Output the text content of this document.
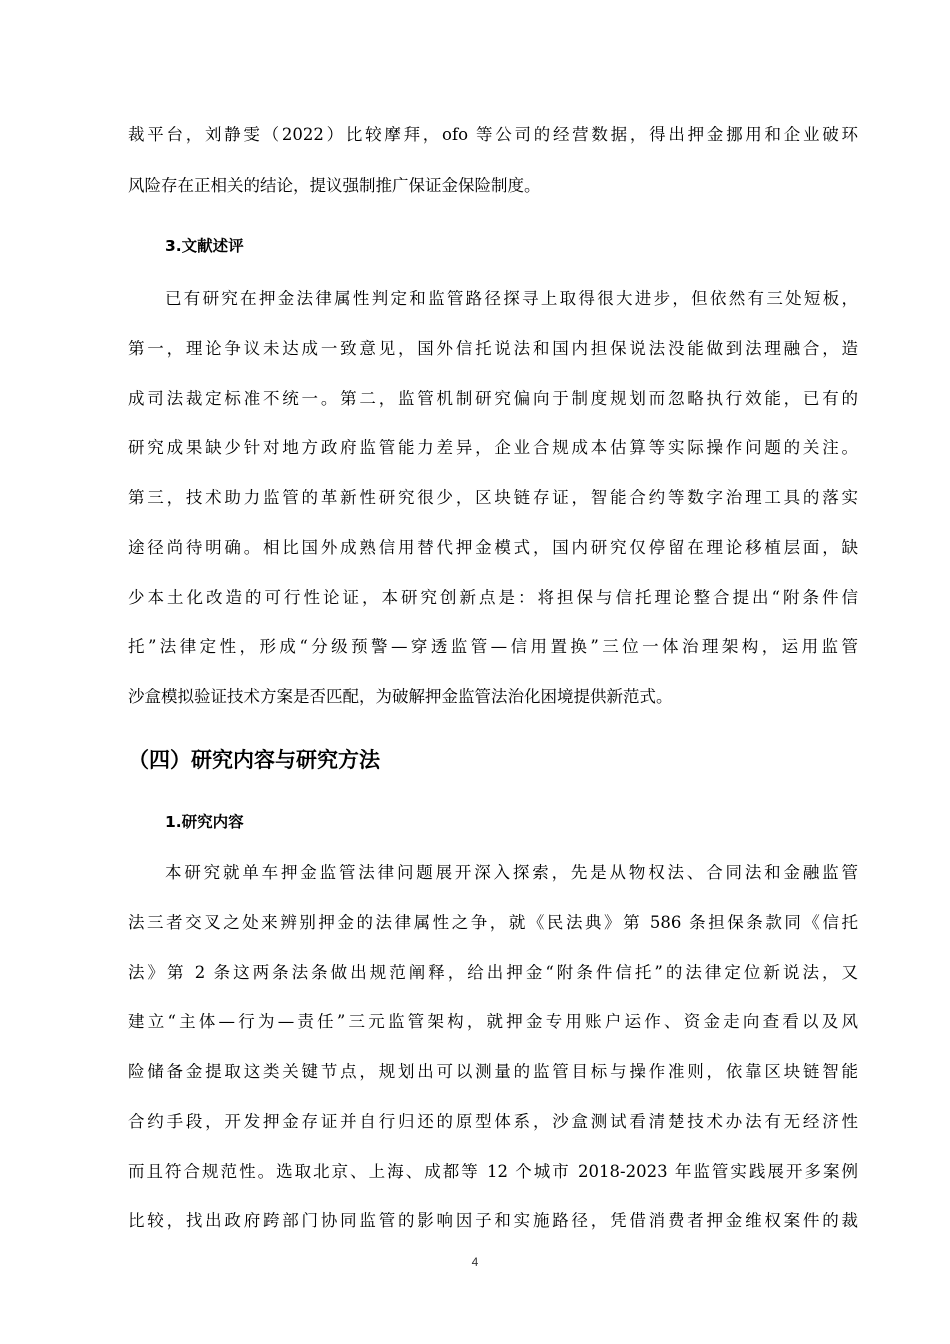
裁平台，刘静雯（2022）比较摩拜，ofo 等公司的经营数据，得出押金挪用和企业破环
风险存在正相关的结论，提议强制推广保证金保险制度。
3.文献述评
已有研究在押金法律属性判定和监管路径探寻上取得很大进步，但依然有三处短板，
第一，理论争议未达成一致意见，国外信托说法和国内担保说法没能做到法理融合，造
成司法裁定标准不统一。第二，监管机制研究偏向于制度规划而忽略执行效能，已有的
研究成果缺少针对地方政府监管能力差异，企业合规成本估算等实际操作问题的关注。
第三，技术助力监管的革新性研究很少，区块链存证，智能合约等数字治理工具的落实
途径尚待明确。相比国外成熟信用替代押金模式，国内研究仅停留在理论移植层面，缺
少本土化改造的可行性论证，本研究创新点是：将担保与信托理论整合提出“附条件信
托”法律定性，形成“分级预警—穿透监管—信用置换”三位一体治理架构，运用监管
沙盒模拟验证技术方案是否匹配，为破解押金监管法治化困境提供新范式。
（四）研究内容与研究方法
1.研究内容
本研究就单车押金监管法律问题展开深入探索，先是从物权法、合同法和金融监管
法三者交叉之处来辨别押金的法律属性之争，就《民法典》第 586 条担保条款同《信托
法》第 2 条这两条法条做出规范阐释，给出押金“附条件信托”的法律定位新说法，又
建立“主体—行为—责任”三元监管架构，就押金专用账户运作、资金走向查看以及风
险储备金提取这类关键节点，规划出可以测量的监管目标与操作准则，依靠区块链智能
合约手段，开发押金存证并自行归还的原型体系，沙盒测试看清楚技术办法有无经济性
而且符合规范性。选取北京、上海、成都等 12 个城市 2018-2023 年监管实践展开多案例
比较，找出政府跨部门协同监管的影响因子和实施路径，凭借消费者押金维权案件的裁
4
